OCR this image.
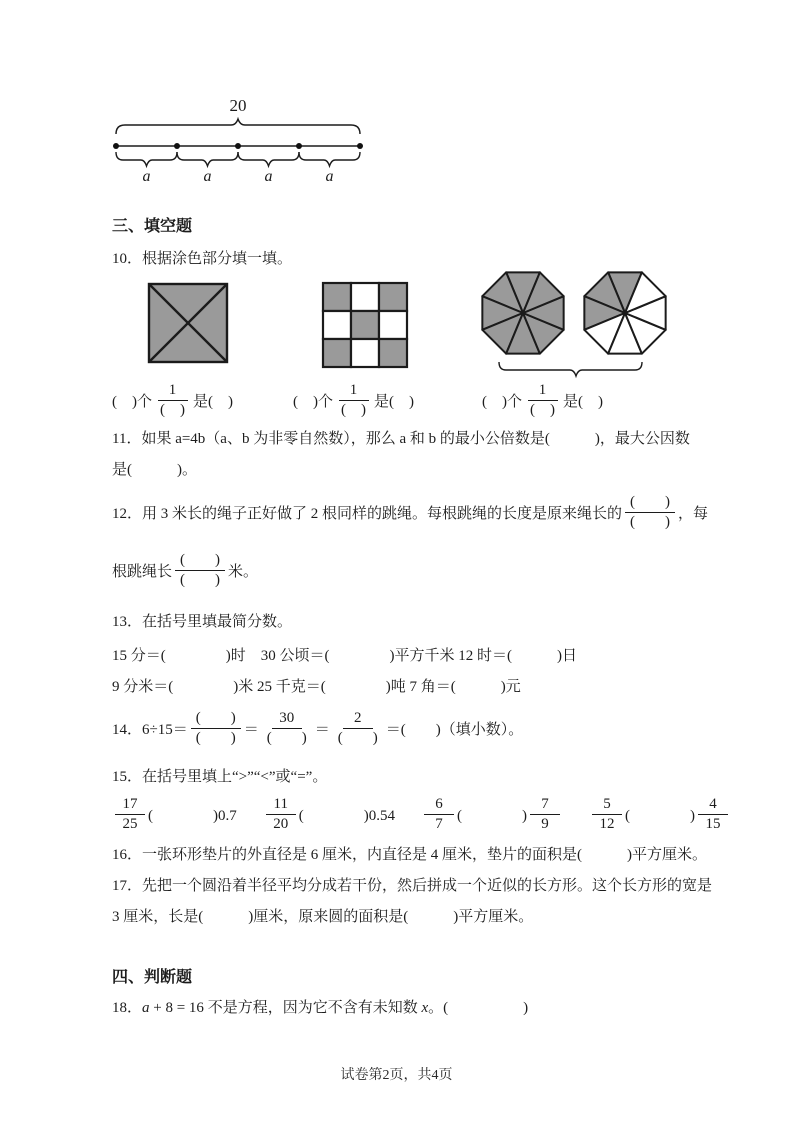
20
a	a	a	a
三、填空题
10．根据涂色部分填一填。
(　)个 $\frac{1}{( )}$ 是(　)	(　)个 $\frac{1}{( )}$ 是(　)	(　)个 $\frac{1}{( )}$ 是(　)
11．如果 a=4b（a、b 为非零自然数），那么 a 和 b 的最小公倍数是(　　　)，最大公因数
是(　　　)。
12．用 3 米长的绳子正好做了 2 根同样的跳绳。每根跳绳的长度是原来绳长的 $\frac{( )}{( )}$ ，每
根跳绳长 $\frac{( )}{( )}$ 米。
13．在括号里填最简分数。
15 分＝(　　　　)时　30 公顷＝(　　　　)平方千米 12 时＝(　　　)日
9 分米＝(　　　　)米 25 千克＝(　　　　)吨 7 角＝(　　　)元
14．$6\div 15= \frac{( )}{( )} = \frac{30}{( )} = \frac{2}{( )}$ ＝(　　)（填小数）。
15．在括号里填上“>”“<”或“=”。
$\frac{17}{25}$ (　　　　)$0.7 \frac{11}{20}$ (　　　　)$0.54 \frac{6}{7}$ (　　　　) $\frac{7}{9} \frac{5}{12}$ (　　　　) $\frac{4}{15}$
16．一张环形垫片的外直径是 6 厘米，内直径是 4 厘米，垫片的面积是(　　　)平方厘米。
17．先把一个圆沿着半径平均分成若干份，然后拼成一个近似的长方形。这个长方形的宽是
3 厘米，长是(　　　)厘米，原来圆的面积是(　　　)平方厘米。
四、判断题
18．a + 8 = 16 不是方程，因为它不含有未知数 x。(　　　　　)
试卷第2页，共4页
